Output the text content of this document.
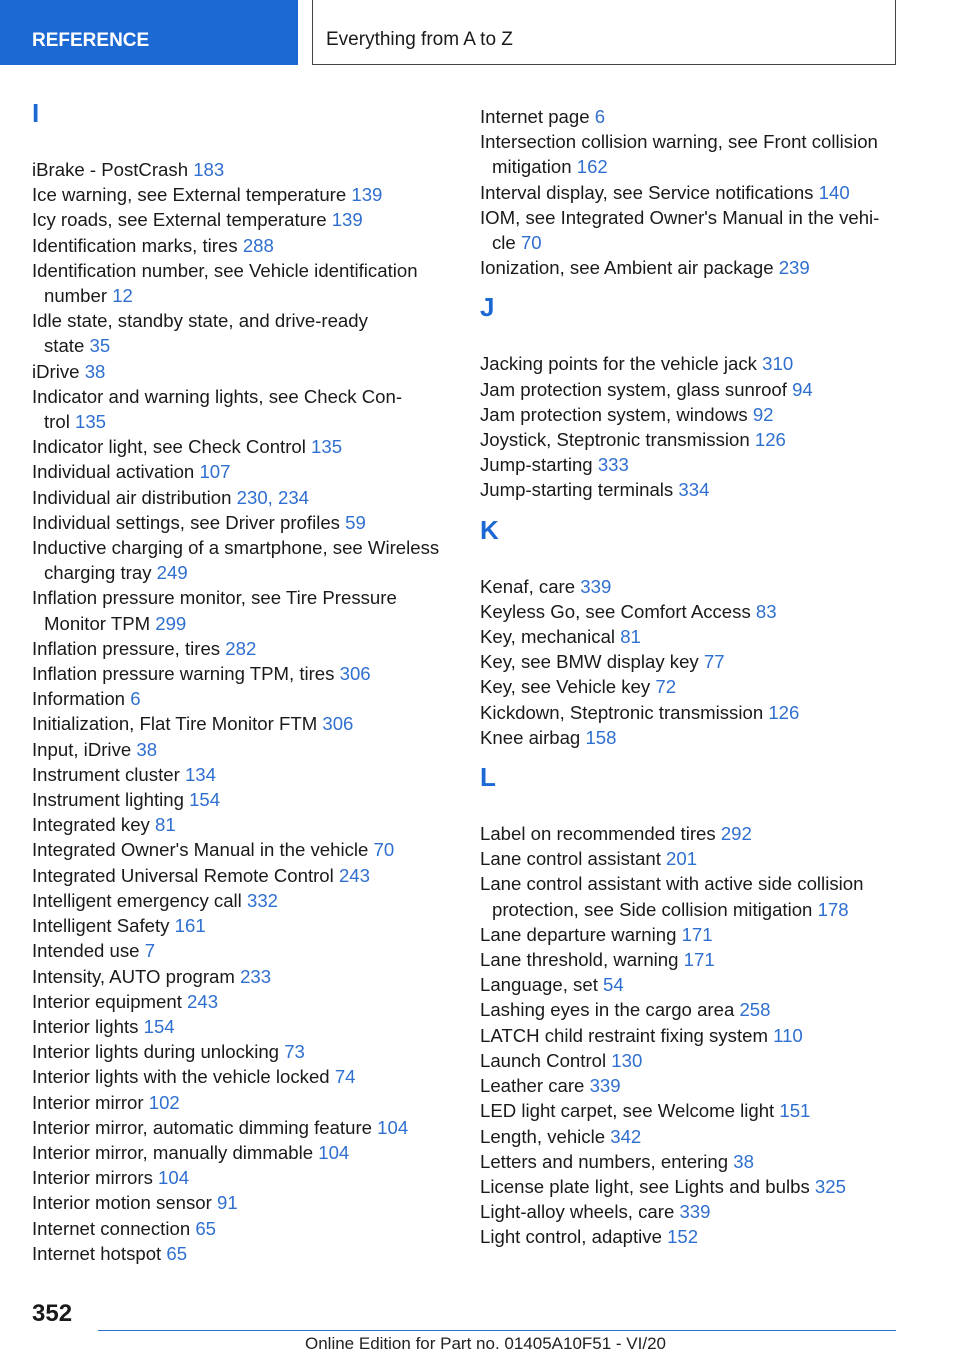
REFERENCE	Everything from A to Z
I
iBrake - PostCrash 183
Ice warning, see External temperature 139
Icy roads, see External temperature 139
Identification marks, tires 288
Identification number, see Vehicle identification
number 12
Idle state, standby state, and drive-ready
state 35
iDrive 38
Indicator and warning lights, see Check Con‐
trol 135
Indicator light, see Check Control 135
Individual activation 107
Individual air distribution 230, 234
Individual settings, see Driver profiles 59
Inductive charging of a smartphone, see Wireless
charging tray 249
Inflation pressure monitor, see Tire Pressure
Monitor TPM 299
Inflation pressure, tires 282
Inflation pressure warning TPM, tires 306
Information 6
Initialization, Flat Tire Monitor FTM 306
Input, iDrive 38
Instrument cluster 134
Instrument lighting 154
Integrated key 81
Integrated Owner's Manual in the vehicle 70
Integrated Universal Remote Control 243
Intelligent emergency call 332
Intelligent Safety 161
Intended use 7
Intensity, AUTO program 233
Interior equipment 243
Interior lights 154
Interior lights during unlocking 73
Interior lights with the vehicle locked 74
Interior mirror 102
Interior mirror, automatic dimming feature 104
Interior mirror, manually dimmable 104
Interior mirrors 104
Interior motion sensor 91
Internet connection 65
Internet hotspot 65
Internet page 6
Intersection collision warning, see Front collision
mitigation 162
Interval display, see Service notifications 140
IOM, see Integrated Owner's Manual in the vehi‐
cle 70
Ionization, see Ambient air package 239
J
Jacking points for the vehicle jack 310
Jam protection system, glass sunroof 94
Jam protection system, windows 92
Joystick, Steptronic transmission 126
Jump-starting 333
Jump-starting terminals 334
K
Kenaf, care 339
Keyless Go, see Comfort Access 83
Key, mechanical 81
Key, see BMW display key 77
Key, see Vehicle key 72
Kickdown, Steptronic transmission 126
Knee airbag 158
L
Label on recommended tires 292
Lane control assistant 201
Lane control assistant with active side collision
protection, see Side collision mitigation 178
Lane departure warning 171
Lane threshold, warning 171
Language, set 54
Lashing eyes in the cargo area 258
LATCH child restraint fixing system 110
Launch Control 130
Leather care 339
LED light carpet, see Welcome light 151
Length, vehicle 342
Letters and numbers, entering 38
License plate light, see Lights and bulbs 325
Light-alloy wheels, care 339
Light control, adaptive 152
352
Online Edition for Part no. 01405A10F51 - VI/20
